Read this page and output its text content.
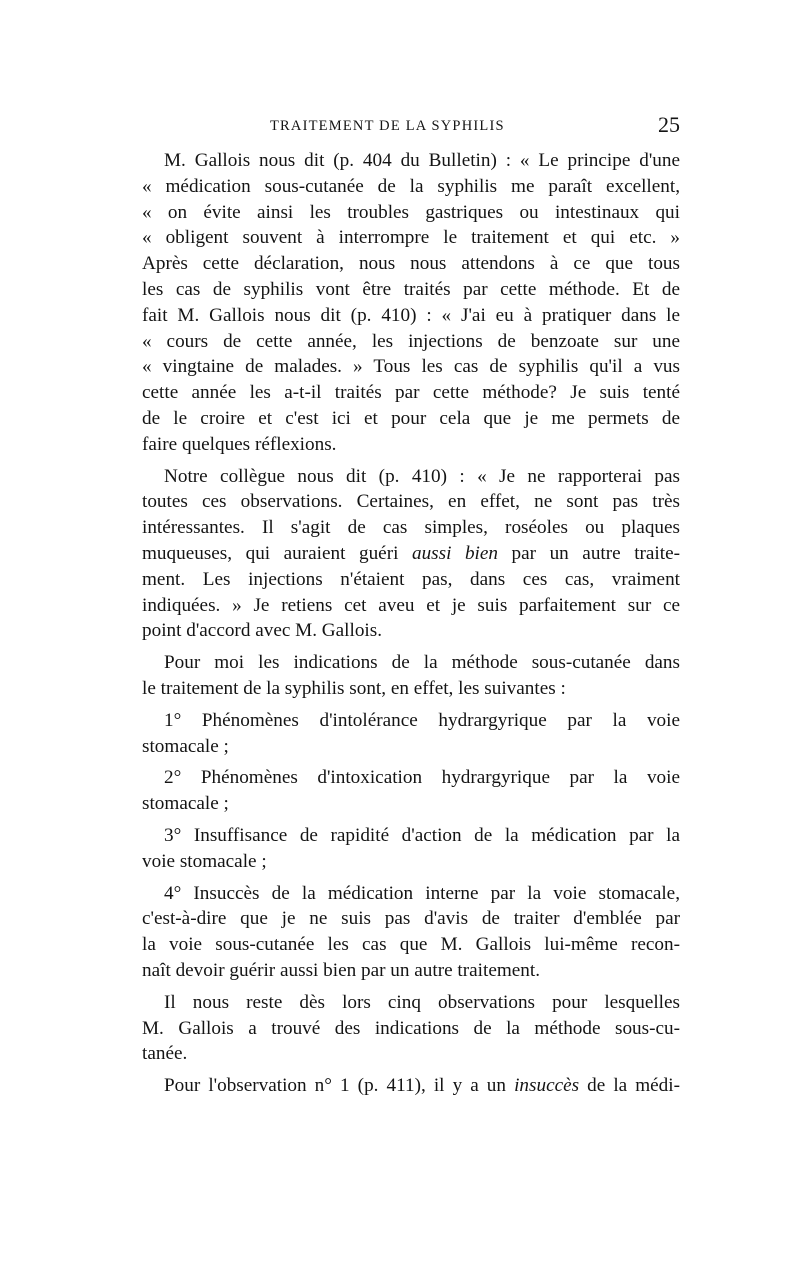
TRAITEMENT DE LA SYPHILIS	25
M. Gallois nous dit (p. 404 du Bulletin) : « Le principe d'une
« médication sous-cutanée de la syphilis me paraît excellent,
« on évite ainsi les troubles gastriques ou intestinaux qui
« obligent souvent à interrompre le traitement et qui etc. »
Après cette déclaration, nous nous attendons à ce que tous
les cas de syphilis vont être traités par cette méthode. Et de
fait M. Gallois nous dit (p. 410) : « J'ai eu à pratiquer dans le
« cours de cette année, les injections de benzoate sur une
« vingtaine de malades. » Tous les cas de syphilis qu'il a vus
cette année les a-t-il traités par cette méthode? Je suis tenté
de le croire et c'est ici et pour cela que je me permets de
faire quelques réflexions.
Notre collègue nous dit (p. 410) : « Je ne rapporterai pas
toutes ces observations. Certaines, en effet, ne sont pas très
intéressantes. Il s'agit de cas simples, roséoles ou plaques
muqueuses, qui auraient guéri aussi bien par un autre traite-
ment. Les injections n'étaient pas, dans ces cas, vraiment
indiquées. » Je retiens cet aveu et je suis parfaitement sur ce
point d'accord avec M. Gallois.
Pour moi les indications de la méthode sous-cutanée dans
le traitement de la syphilis sont, en effet, les suivantes :
1° Phénomènes d'intolérance hydrargyrique par la voie
stomacale ;
2° Phénomènes d'intoxication hydrargyrique par la voie
stomacale ;
3° Insuffisance de rapidité d'action de la médication par la
voie stomacale ;
4° Insuccès de la médication interne par la voie stomacale,
c'est-à-dire que je ne suis pas d'avis de traiter d'emblée par
la voie sous-cutanée les cas que M. Gallois lui-même recon-
naît devoir guérir aussi bien par un autre traitement.
Il nous reste dès lors cinq observations pour lesquelles
M. Gallois a trouvé des indications de la méthode sous-cu-
tanée.
Pour l'observation n° 1 (p. 411), il y a un insuccès de la médi-
